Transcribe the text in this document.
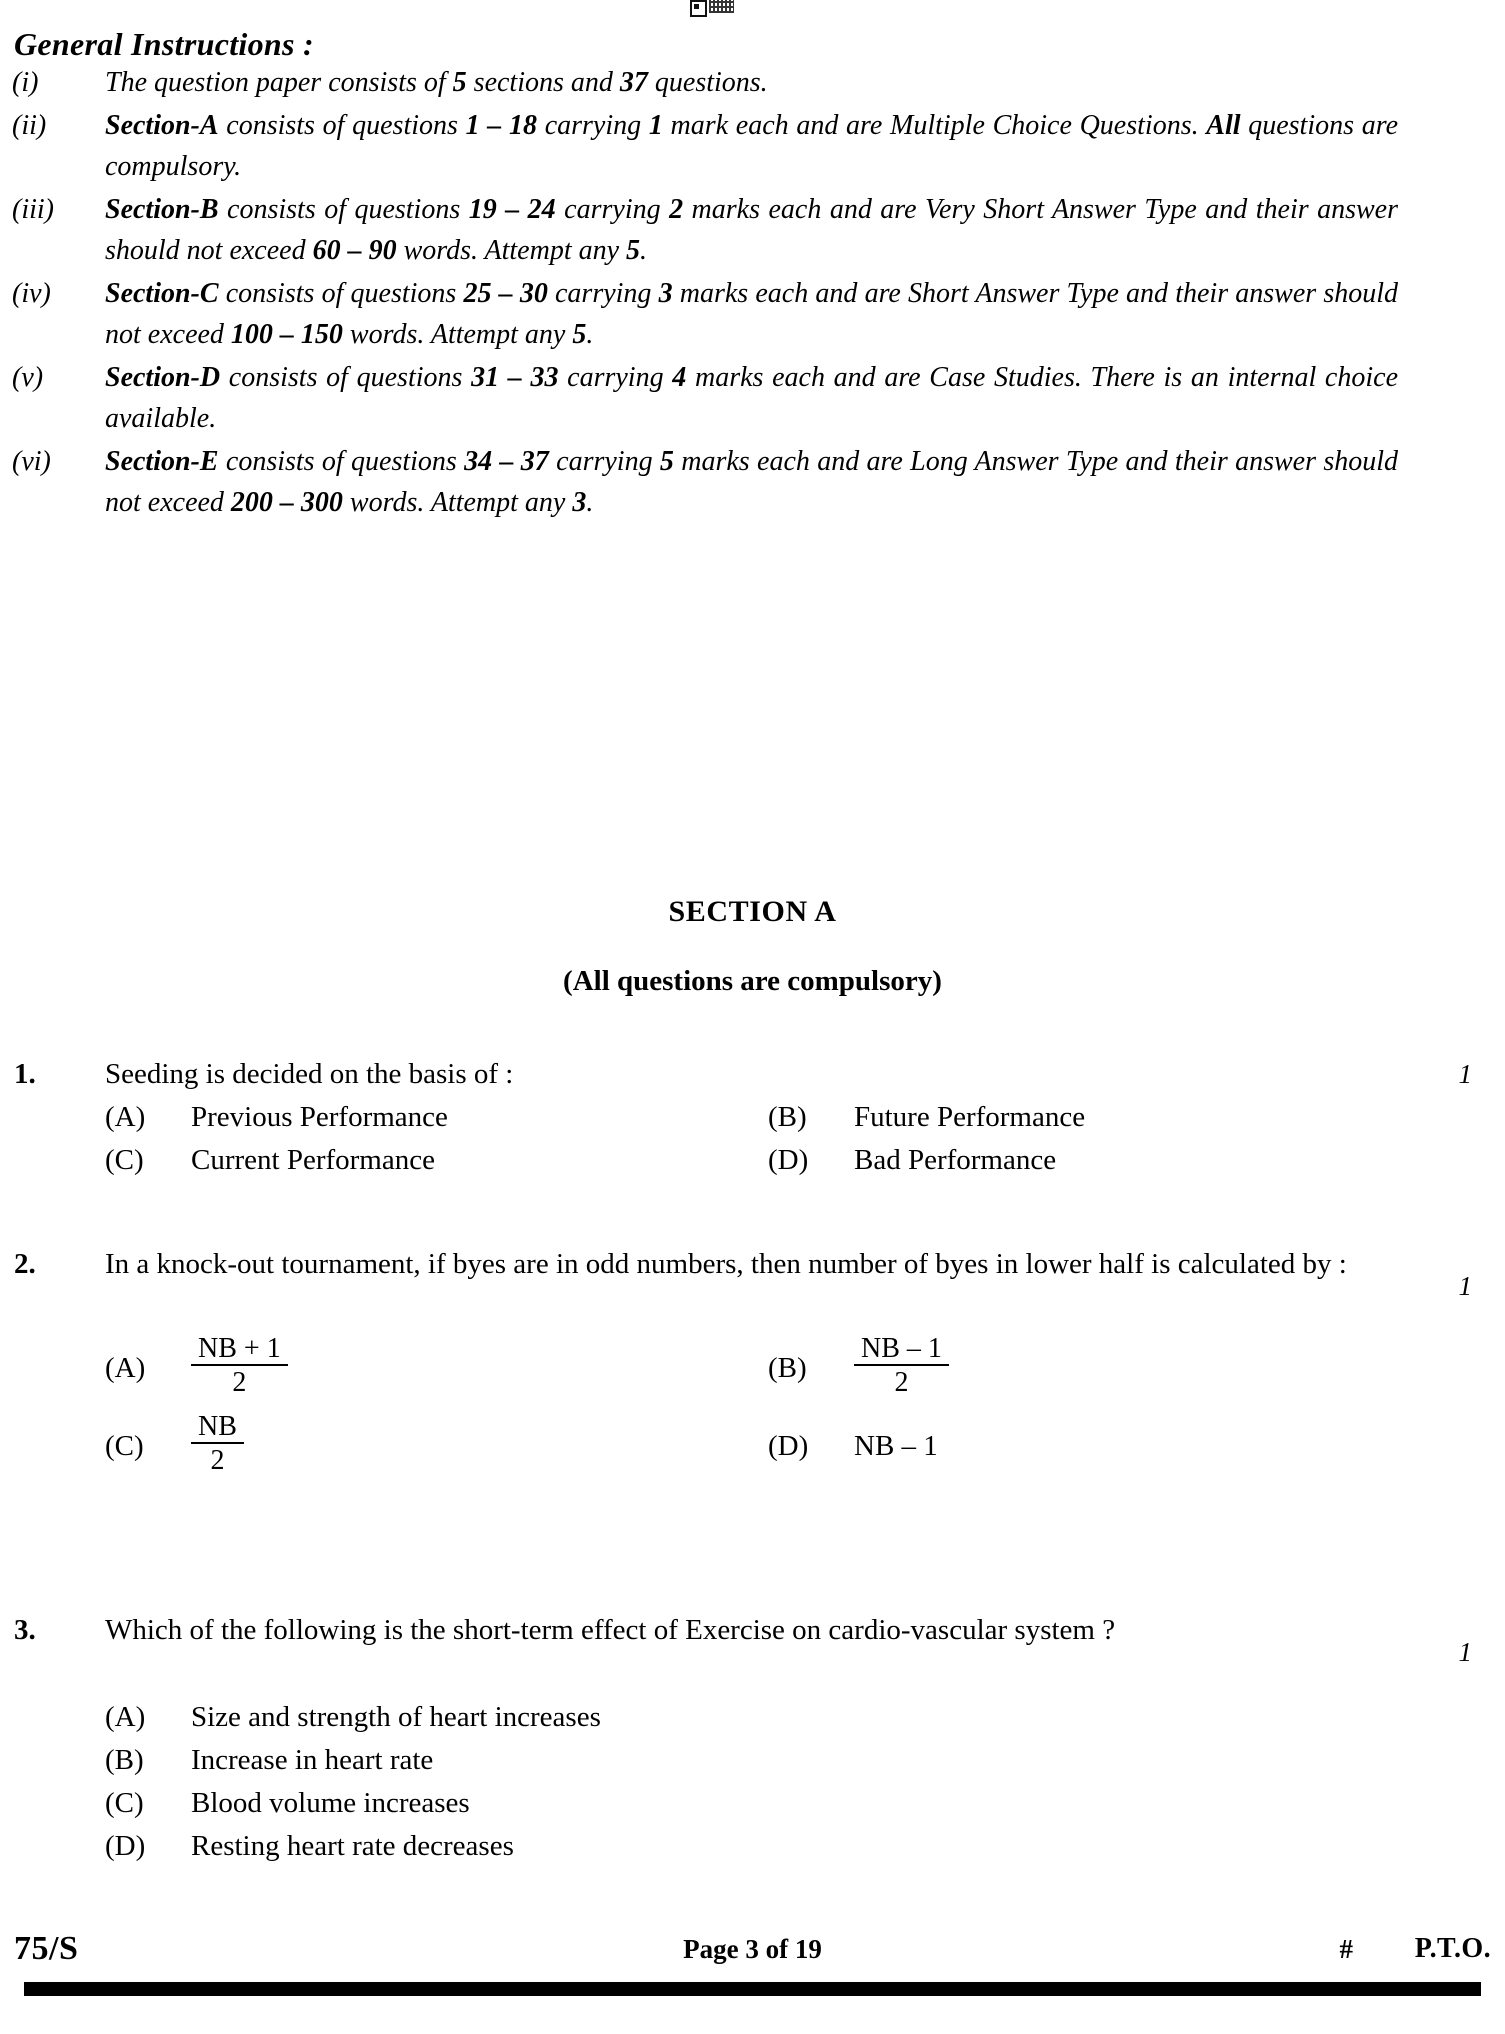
General Instructions :
(i)	The question paper consists of 5 sections and 37 questions.
(ii)	Section-A consists of questions 1 – 18 carrying 1 mark each and are Multiple Choice Questions. All questions are compulsory.
(iii)	Section-B consists of questions 19 – 24 carrying 2 marks each and are Very Short Answer Type and their answer should not exceed 60 – 90 words. Attempt any 5.
(iv)	Section-C consists of questions 25 – 30 carrying 3 marks each and are Short Answer Type and their answer should not exceed 100 – 150 words. Attempt any 5.
(v)	Section-D consists of questions 31 – 33 carrying 4 marks each and are Case Studies. There is an internal choice available.
(vi)	Section-E consists of questions 34 – 37 carrying 5 marks each and are Long Answer Type and their answer should not exceed 200 – 300 words. Attempt any 3.
SECTION A
(All questions are compulsory)
1.	Seeding is decided on the basis of :	1
(A)	Previous Performance	(B)	Future Performance
(C)	Current Performance	(D)	Bad Performance
2.	In a knock-out tournament, if byes are in odd numbers, then number of byes in lower half is calculated by :
1
(A)	$\frac{NB + 1}{2}$	(B)	$\frac{NB - 1}{2}$
(C)	$\frac{NB}{2}$	(D)	NB – 1
3.	Which of the following is the short-term effect of Exercise on cardio-vascular system ?
1
(A)	Size and strength of heart increases
(B)	Increase in heart rate
(C)	Blood volume increases
(D)	Resting heart rate decreases
75/S	Page 3 of 19	# P.T.O.
